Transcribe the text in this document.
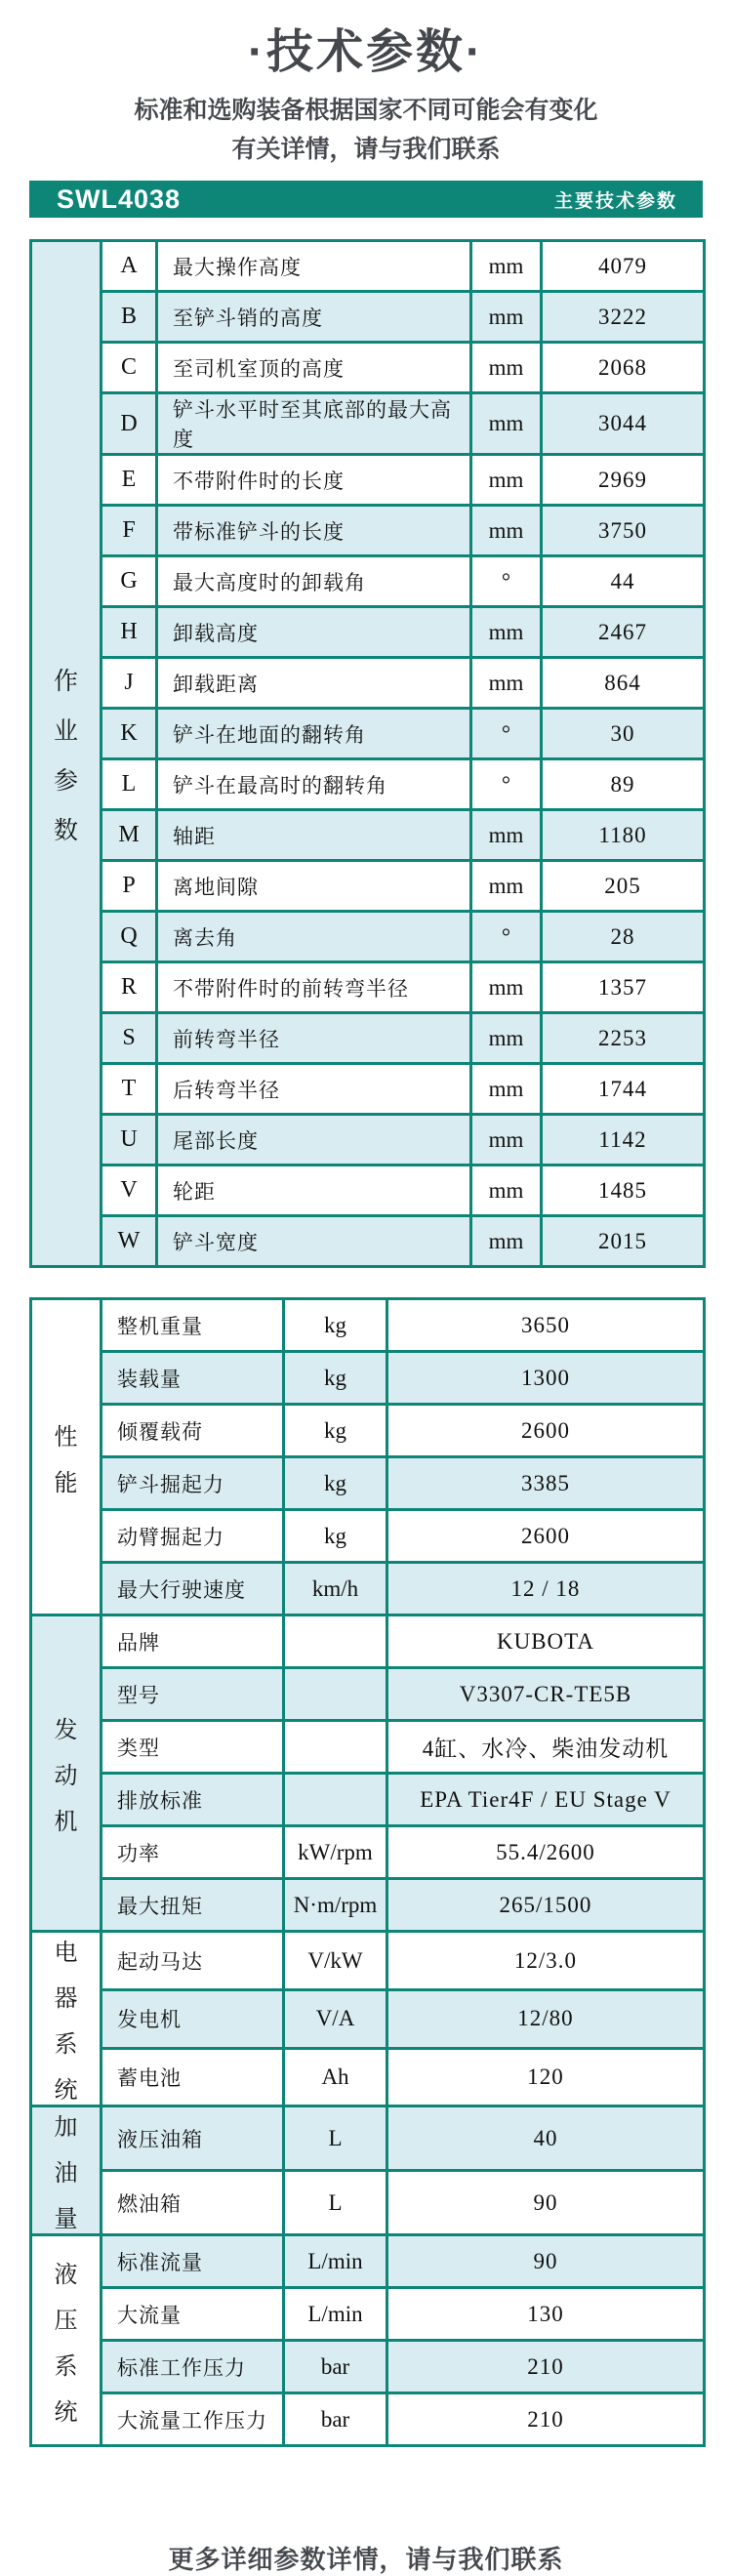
·技术参数·

标准和选购装备根据国家不同可能会有变化

有关详情，请与我们联系

SWL4038	主要技术参数
作
业
参
数	A	最大操作高度	mm	4079
	B	至铲斗销的高度	mm	3222
	C	至司机室顶的高度	mm	2068
	D	铲斗水平时至其底部的最大高度	mm	3044
	E	不带附件时的长度	mm	2969
	F	带标准铲斗的长度	mm	3750
	G	最大高度时的卸载角	°	44
	H	卸载高度	mm	2467
	J	卸载距离	mm	864
	K	铲斗在地面的翻转角	°	30
	L	铲斗在最高时的翻转角	°	89
	M	轴距	mm	1180
	P	离地间隙	mm	205
	Q	离去角	°	28
	R	不带附件时的前转弯半径	mm	1357
	S	前转弯半径	mm	2253
	T	后转弯半径	mm	1744
	U	尾部长度	mm	1142
	V	轮距	mm	1485
	W	铲斗宽度	mm	2015
性
能	整机重量	kg	3650
	装载量	kg	1300
	倾覆载荷	kg	2600
	铲斗掘起力	kg	3385
	动臂掘起力	kg	2600
	最大行驶速度	km/h	12 / 18

发
动
机	品牌		KUBOTA
	型号		V3307-CR-TE5B
	类型		4缸、水冷、柴油发动机
	排放标准		EPA Tier4F / EU Stage V
	功率	kW/rpm	55.4/2600
	最大扭矩	N·m/rpm	265/1500

电
器
系
统	起动马达	V/kW	12/3.0
	发电机	V/A	12/80
	蓄电池	Ah	120

加
油
量	液压油箱	L	40
	燃油箱	L	90

液
压
系
统	标准流量	L/min	90
	大流量	L/min	130
	标准工作压力	bar	210
	大流量工作压力	bar	210

更多详细参数详情，请与我们联系
